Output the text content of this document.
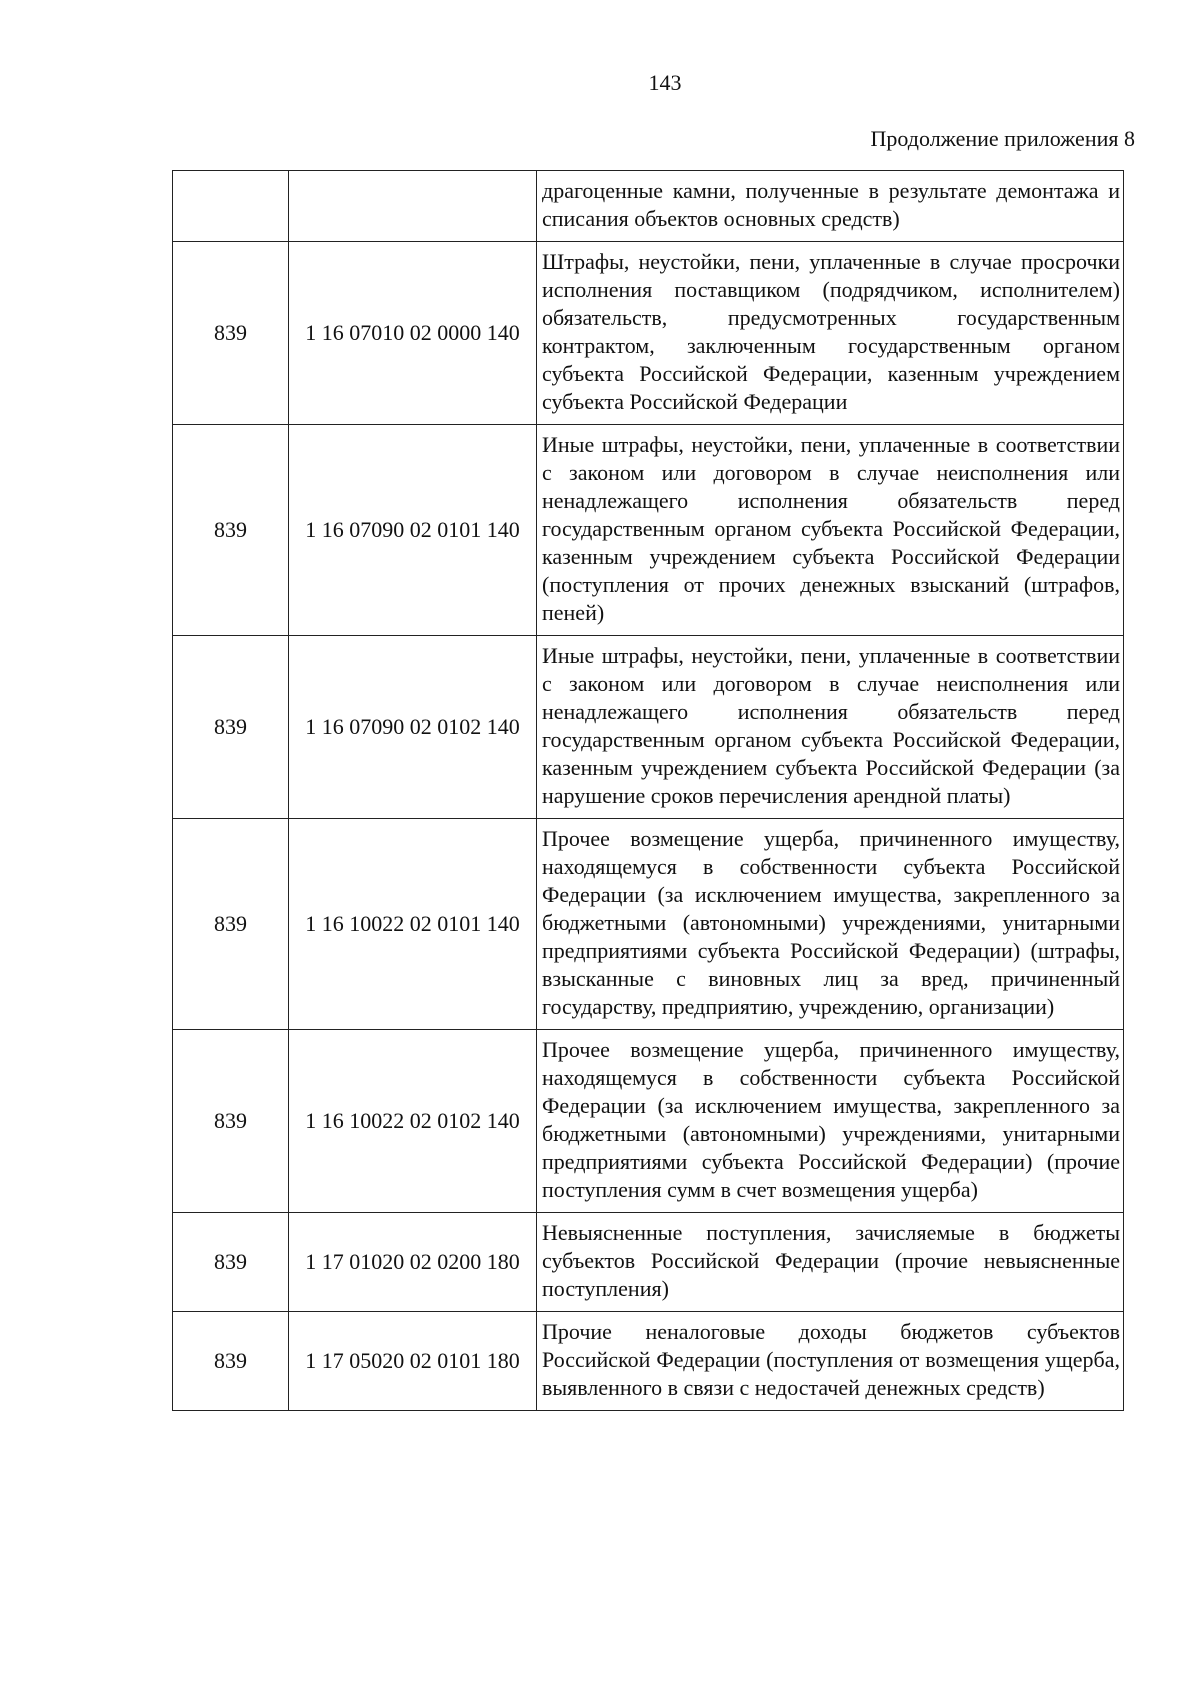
143
Продолжение приложения 8
		драгоценные камни, полученные в результате демонтажа и списания объектов основных средств)
839	1 16 07010 02 0000 140	Штрафы, неустойки, пени, уплаченные в случае просрочки исполнения поставщиком (подрядчиком, исполнителем) обязательств, предусмотренных государственным контрактом, заключенным государственным органом субъекта Российской Федерации, казенным учреждением субъекта Российской Федерации
839	1 16 07090 02 0101 140	Иные штрафы, неустойки, пени, уплаченные в соответствии с законом или договором в случае неисполнения или ненадлежащего исполнения обязательств перед государственным органом субъекта Российской Федерации, казенным учреждением субъекта Российской Федерации (поступления от прочих денежных взысканий (штрафов, пеней)
839	1 16 07090 02 0102 140	Иные штрафы, неустойки, пени, уплаченные в соответствии с законом или договором в случае неисполнения или ненадлежащего исполнения обязательств перед государственным органом субъекта Российской Федерации, казенным учреждением субъекта Российской Федерации (за нарушение сроков перечисления арендной платы)
839	1 16 10022 02 0101 140	Прочее возмещение ущерба, причиненного имуществу, находящемуся в собственности субъекта Российской Федерации (за исключением имущества, закрепленного за бюджетными (автономными) учреждениями, унитарными предприятиями субъекта Российской Федерации) (штрафы, взысканные с виновных лиц за вред, причиненный государству, предприятию, учреждению, организации)
839	1 16 10022 02 0102 140	Прочее возмещение ущерба, причиненного имуществу, находящемуся в собственности субъекта Российской Федерации (за исключением имущества, закрепленного за бюджетными (автономными) учреждениями, унитарными предприятиями субъекта Российской Федерации) (прочие поступления сумм в счет возмещения ущерба)
839	1 17 01020 02 0200 180	Невыясненные поступления, зачисляемые в бюджеты субъектов Российской Федерации (прочие невыясненные поступления)
839	1 17 05020 02 0101 180	Прочие неналоговые доходы бюджетов субъектов Российской Федерации (поступления от возмещения ущерба, выявленного в связи с недостачей денежных средств)
